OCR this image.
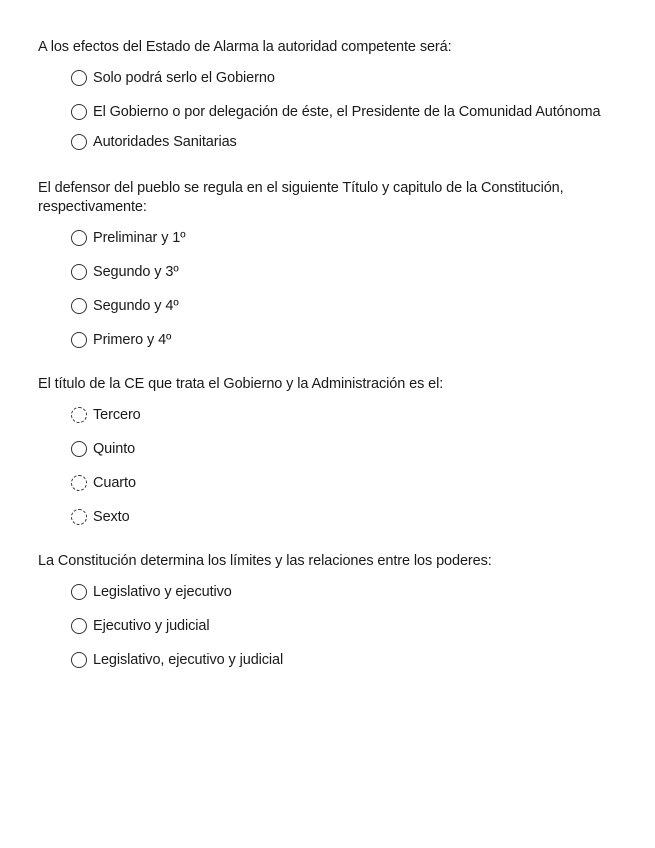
A los efectos del Estado de Alarma la autoridad competente será:

Solo podrá serlo el Gobierno
El Gobierno o por delegación de éste, el Presidente de la Comunidad Autónoma
Autoridades Sanitarias

El defensor del pueblo se regula en el siguiente Título y capitulo de la Constitución, respectivamente:

Preliminar y 1º
Segundo y 3º
Segundo y 4º
Primero y 4º

El título de la CE que trata el Gobierno y la Administración es el:

Tercero
Quinto
Cuarto
Sexto

La Constitución determina los límites y las relaciones entre los poderes:

Legislativo y ejecutivo
Ejecutivo y judicial
Legislativo, ejecutivo y judicial
